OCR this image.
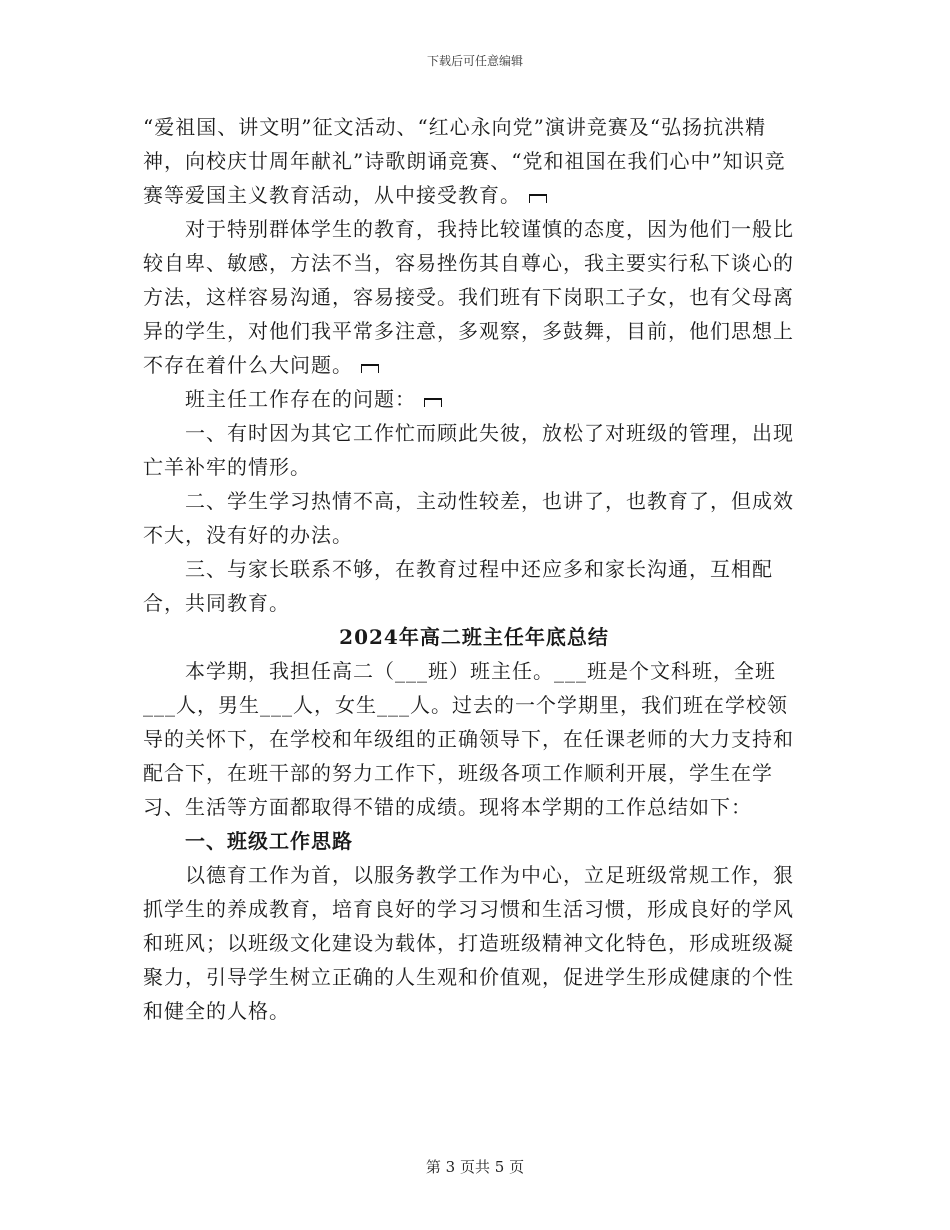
下载后可任意编辑

“爱祖国、讲文明”征文活动、“红心永向党”演讲竞赛及“弘扬抗洪精神，向校庆廿周年献礼”诗歌朗诵竞赛、“党和祖国在我们心中”知识竞赛等爱国主义教育活动，从中接受教育。

对于特别群体学生的教育，我持比较谨慎的态度，因为他们一般比较自卑、敏感，方法不当，容易挫伤其自尊心，我主要实行私下谈心的方法，这样容易沟通，容易接受。我们班有下岗职工子女，也有父母离异的学生，对他们我平常多注意，多观察，多鼓舞，目前，他们思想上不存在着什么大问题。

班主任工作存在的问题：

一、有时因为其它工作忙而顾此失彼，放松了对班级的管理，出现亡羊补牢的情形。

二、学生学习热情不高，主动性较差，也讲了，也教育了，但成效不大，没有好的办法。

三、与家长联系不够，在教育过程中还应多和家长沟通，互相配合，共同教育。

2024年高二班主任年底总结

本学期，我担任高二（___班）班主任。___班是个文科班，全班___人，男生___人，女生___人。过去的一个学期里，我们班在学校领导的关怀下，在学校和年级组的正确领导下，在任课老师的大力支持和配合下，在班干部的努力工作下，班级各项工作顺利开展，学生在学习、生活等方面都取得不错的成绩。现将本学期的工作总结如下：

一、班级工作思路

以德育工作为首，以服务教学工作为中心，立足班级常规工作，狠抓学生的养成教育，培育良好的学习习惯和生活习惯，形成良好的学风和班风；以班级文化建设为载体，打造班级精神文化特色，形成班级凝聚力，引导学生树立正确的人生观和价值观，促进学生形成健康的个性和健全的人格。

第 3 页共 5 页
